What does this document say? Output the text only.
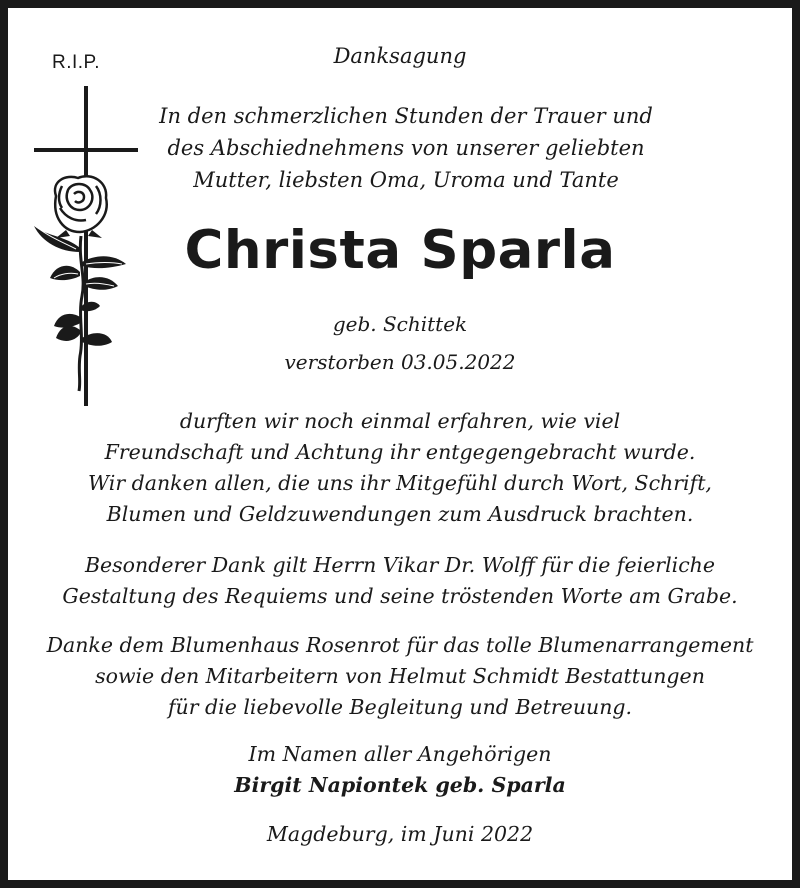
R.I.P.	Danksagung
In den schmerzlichen Stunden der Trauer und
des Abschiednehmens von unserer geliebten
Mutter, liebsten Oma, Uroma und Tante
Christa Sparla
geb. Schittek
verstorben 03.05.2022
durften wir noch einmal erfahren, wie viel
Freundschaft und Achtung ihr entgegengebracht wurde.
Wir danken allen, die uns ihr Mitgefühl durch Wort, Schrift,
Blumen und Geldzuwendungen zum Ausdruck brachten.
Besonderer Dank gilt Herrn Vikar Dr. Wolff für die feierliche
Gestaltung des Requiems und seine tröstenden Worte am Grabe.
Danke dem Blumenhaus Rosenrot für das tolle Blumenarrangement
sowie den Mitarbeitern von Helmut Schmidt Bestattungen
für die liebevolle Begleitung und Betreuung.
Im Namen aller Angehörigen
Birgit Napiontek geb. Sparla
Magdeburg, im Juni 2022
